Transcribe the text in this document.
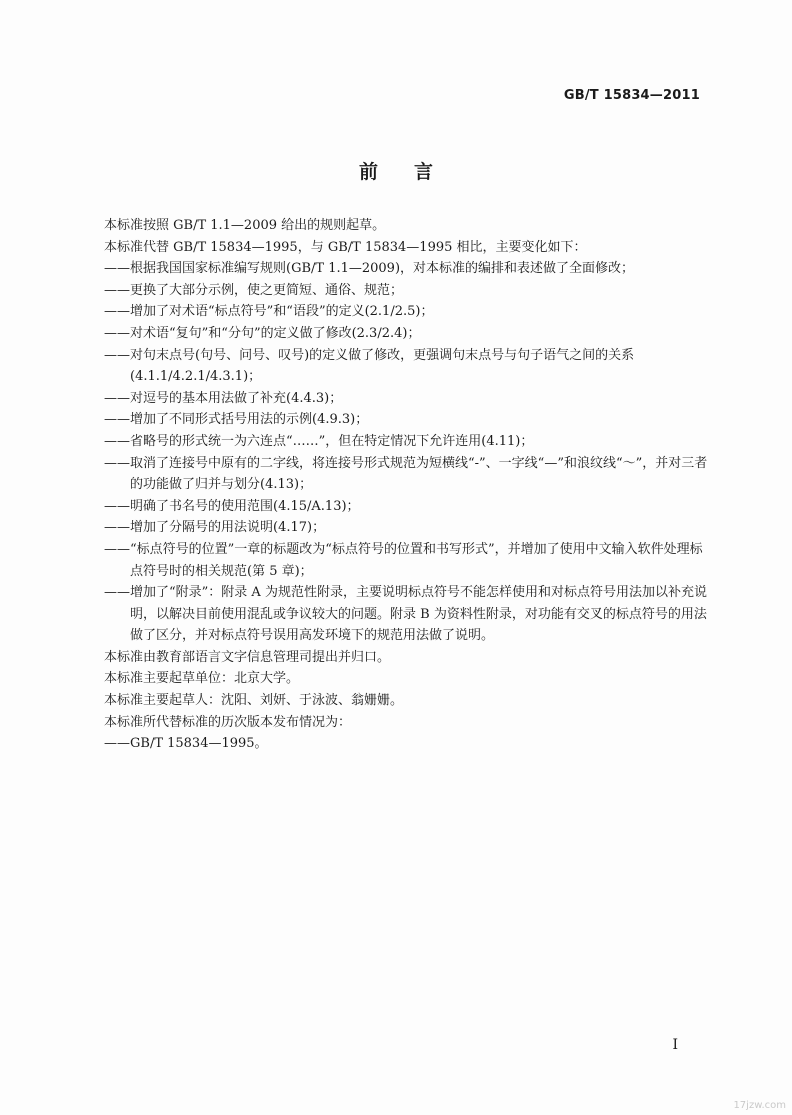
GB/T 15834—2011
前言

本标准按照 GB/T 1.1—2009 给出的规则起草。

本标准代替 GB/T 15834—1995，与 GB/T 15834—1995 相比，主要变化如下：

——根据我国国家标准编写规则(GB/T 1.1—2009)，对本标准的编排和表述做了全面修改；

——更换了大部分示例，使之更简短、通俗、规范；

——增加了对术语“标点符号”和“语段”的定义(2.1/2.5)；

——对术语“复句”和“分句”的定义做了修改(2.3/2.4)；

——对句末点号(句号、问号、叹号)的定义做了修改，更强调句末点号与句子语气之间的关系(4.1.1/4.2.1/4.3.1)；

——对逗号的基本用法做了补充(4.4.3)；

——增加了不同形式括号用法的示例(4.9.3)；

——省略号的形式统一为六连点“……”，但在特定情况下允许连用(4.11)；

——取消了连接号中原有的二字线，将连接号形式规范为短横线“-”、一字线“—”和浪纹线“～”，并对三者的功能做了归并与划分(4.13)；

——明确了书名号的使用范围(4.15/A.13)；

——增加了分隔号的用法说明(4.17)；

——“标点符号的位置”一章的标题改为“标点符号的位置和书写形式”，并增加了使用中文输入软件处理标点符号时的相关规范(第 5 章)；

——增加了“附录”：附录 A 为规范性附录，主要说明标点符号不能怎样使用和对标点符号用法加以补充说明，以解决目前使用混乱或争议较大的问题。附录 B 为资料性附录，对功能有交叉的标点符号的用法做了区分，并对标点符号误用高发环境下的规范用法做了说明。

本标准由教育部语言文字信息管理司提出并归口。

本标准主要起草单位：北京大学。

本标准主要起草人：沈阳、刘妍、于泳波、翁姗姗。

本标准所代替标准的历次版本发布情况为：

——GB/T 15834—1995。

I
17jzw.com
